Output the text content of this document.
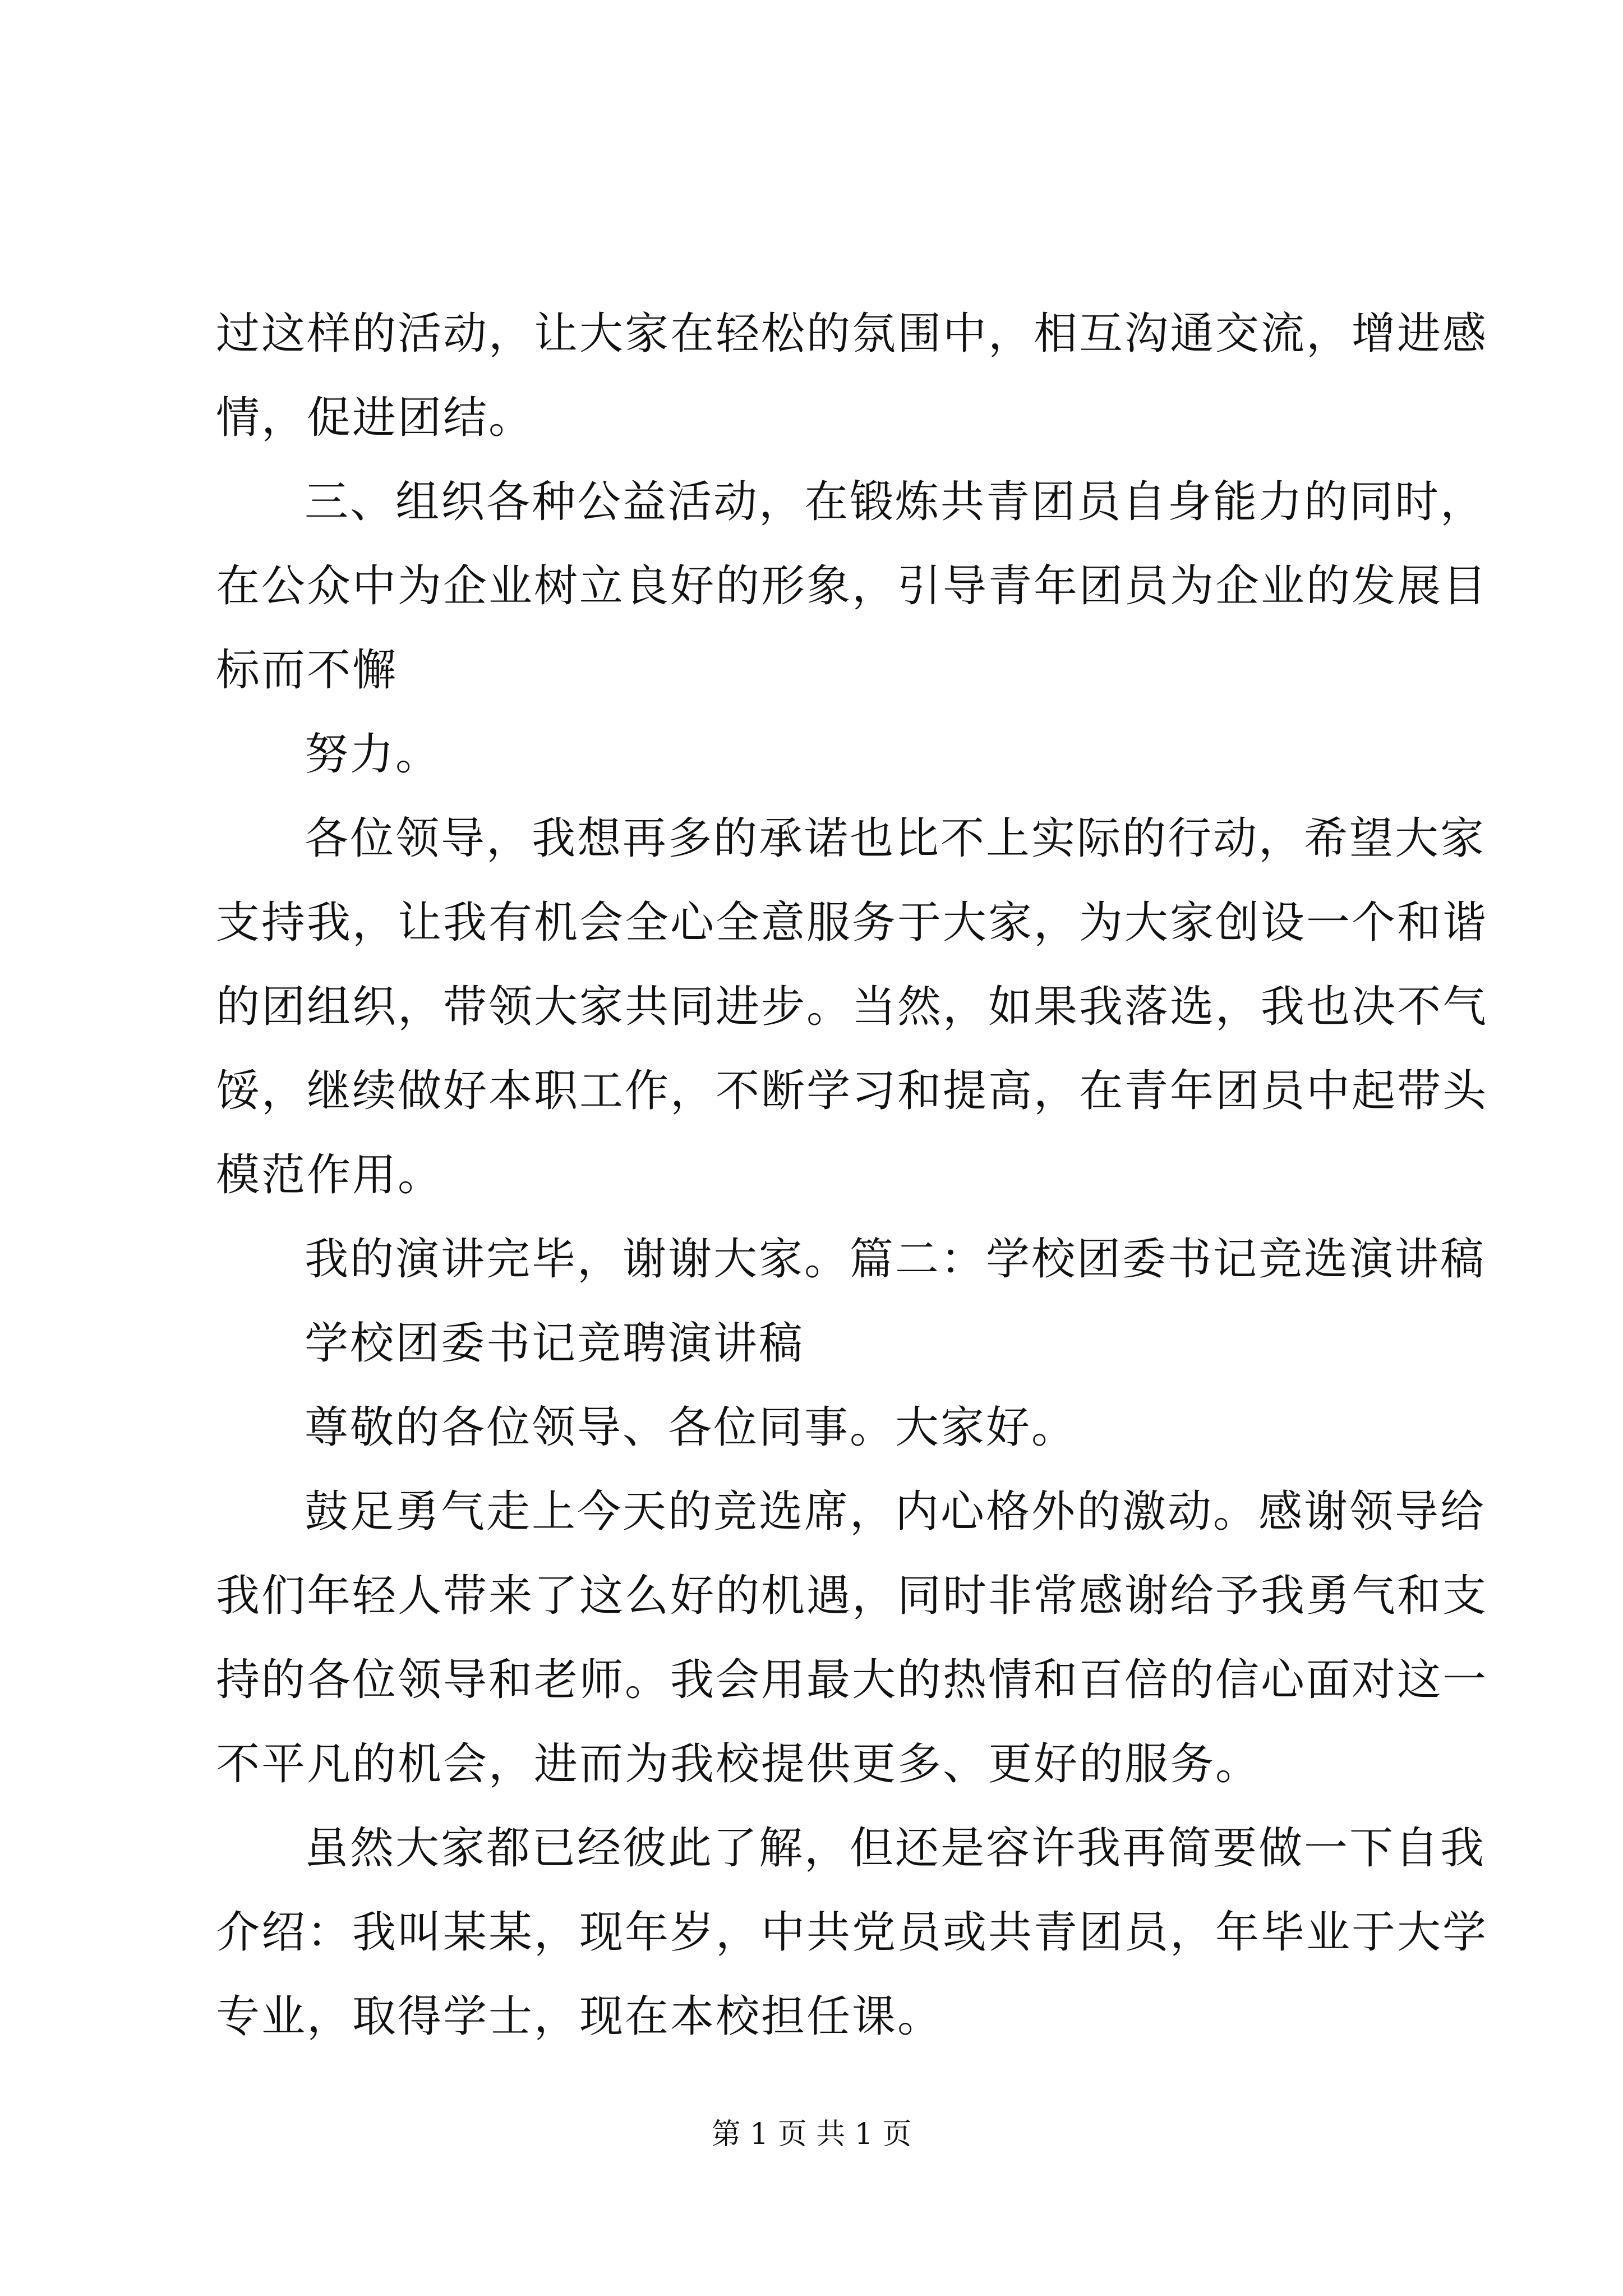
过这样的活动，让大家在轻松的氛围中，相互沟通交流，增进感
情，促进团结。
三、组织各种公益活动，在锻炼共青团员自身能力的同时，
在公众中为企业树立良好的形象，引导青年团员为企业的发展目
标而不懈
努力。
各位领导，我想再多的承诺也比不上实际的行动，希望大家
支持我，让我有机会全心全意服务于大家，为大家创设一个和谐
的团组织，带领大家共同进步。当然，如果我落选，我也决不气
馁，继续做好本职工作，不断学习和提高，在青年团员中起带头
模范作用。
我的演讲完毕，谢谢大家。篇二：学校团委书记竞选演讲稿
学校团委书记竞聘演讲稿
尊敬的各位领导、各位同事。大家好。
鼓足勇气走上今天的竞选席，内心格外的激动。感谢领导给
我们年轻人带来了这么好的机遇，同时非常感谢给予我勇气和支
持的各位领导和老师。我会用最大的热情和百倍的信心面对这一
不平凡的机会，进而为我校提供更多、更好的服务。
虽然大家都已经彼此了解，但还是容许我再简要做一下自我
介绍：我叫某某，现年岁，中共党员或共青团员，年毕业于大学
专业，取得学士，现在本校担任课。
第 1 页 共 1 页
